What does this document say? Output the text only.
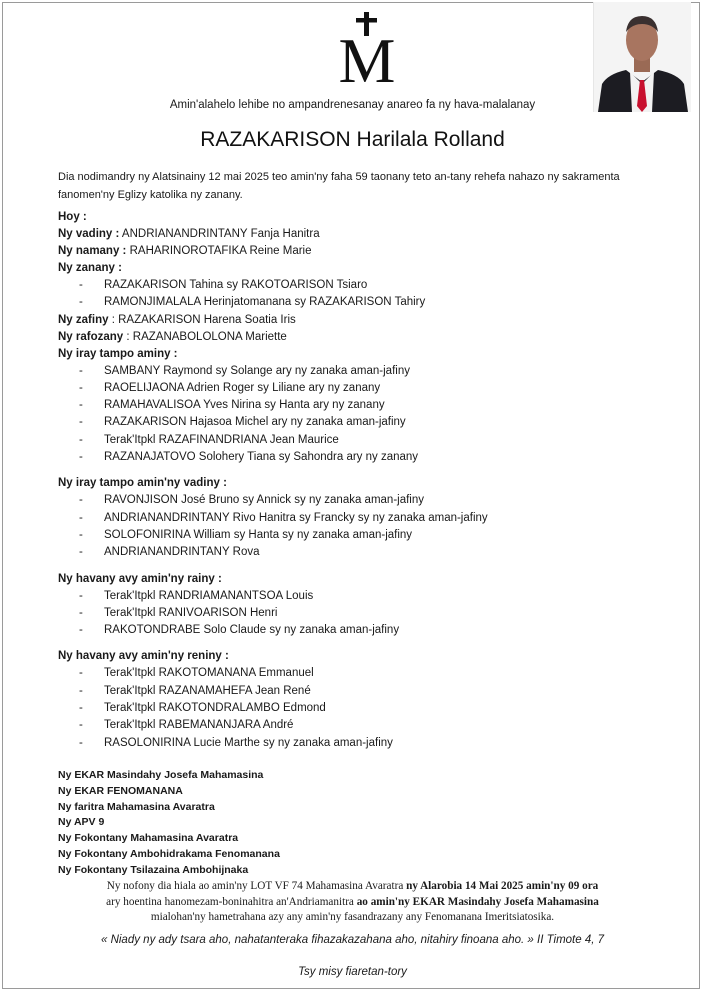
M
Amin'alahelo lehibe no ampandrenesanay anareo fa ny hava-malalanay
RAZAKARISON Harilala Rolland
Dia nodimandry ny Alatsinainy 12 mai 2025 teo amin'ny faha 59 taonany teto an-tany rehefa nahazo ny sakramenta fanomen'ny Eglizy katolika ny zanany.
Hoy :
Ny vadiny : ANDRIANANDRINTANY Fanja Hanitra
Ny namany : RAHARINOROTAFIKA Reine Marie
Ny zanany :
- RAZAKARISON Tahina sy RAKOTOARISON Tsiaro
- RAMONJIMALALA Herinjatomanana sy RAZAKARISON Tahiry
Ny zafiny : RAZAKARISON Harena Soatia Iris
Ny rafozany : RAZANABOLOLONA Mariette
Ny iray tampo aminy :
- SAMBANY Raymond sy Solange ary ny zanaka aman-jafiny
- RAOELIJAONA Adrien Roger sy Liliane ary ny zanany
- RAMAHAVALISOA Yves Nirina sy Hanta ary ny zanany
- RAZAKARISON Hajasoa Michel ary ny zanaka aman-jafiny
- Terak'Itpkl RAZAFINANDRIANA Jean Maurice
- RAZANAJATOVO Solohery Tiana sy Sahondra ary ny zanany
Ny iray tampo amin'ny vadiny :
- RAVONJISON José Bruno sy Annick sy ny zanaka aman-jafiny
- ANDRIANANDRINTANY Rivo Hanitra sy Francky sy ny zanaka aman-jafiny
- SOLOFONIRINA William sy Hanta sy ny zanaka aman-jafiny
- ANDRIANANDRINTANY Rova
Ny havany avy amin'ny rainy :
- Terak'Itpkl RANDRIAMANANTSOA Louis
- Terak'Itpkl RANIVOARISON Henri
- RAKOTONDRABE Solo Claude sy ny zanaka aman-jafiny
Ny havany avy amin'ny reniny :
- Terak'Itpkl RAKOTOMANANA Emmanuel
- Terak'Itpkl RAZANAMAHEFA Jean René
- Terak'Itpkl RAKOTONDRALAMBO Edmond
- Terak'Itpkl RABEMANANJARA André
- RASOLONIRINA Lucie Marthe sy ny zanaka aman-jafiny
Ny EKAR Masindahy Josefa Mahamasina
Ny EKAR FENOMANANA
Ny faritra Mahamasina Avaratra
Ny APV 9
Ny Fokontany Mahamasina Avaratra
Ny Fokontany Ambohidrakama Fenomanana
Ny Fokontany Tsilazaina Ambohijnaka
Ny nofony dia hiala ao amin'ny LOT VF 74 Mahamasina Avaratra ny Alarobia 14 Mai 2025 amin'ny 09 ora
ary hoentina hanomezam-boninahitra an'Andriamanitra ao amin'ny EKAR Masindahy Josefa Mahamasina
mialohan'ny hametrahana azy any amin'ny fasandrazany any Fenomanana Imeritsiatosika.
« Niady ny ady tsara aho, nahatanteraka fihazakazahana aho, nitahiry finoana aho. » II Timote 4, 7
Tsy misy fiaretan-tory
